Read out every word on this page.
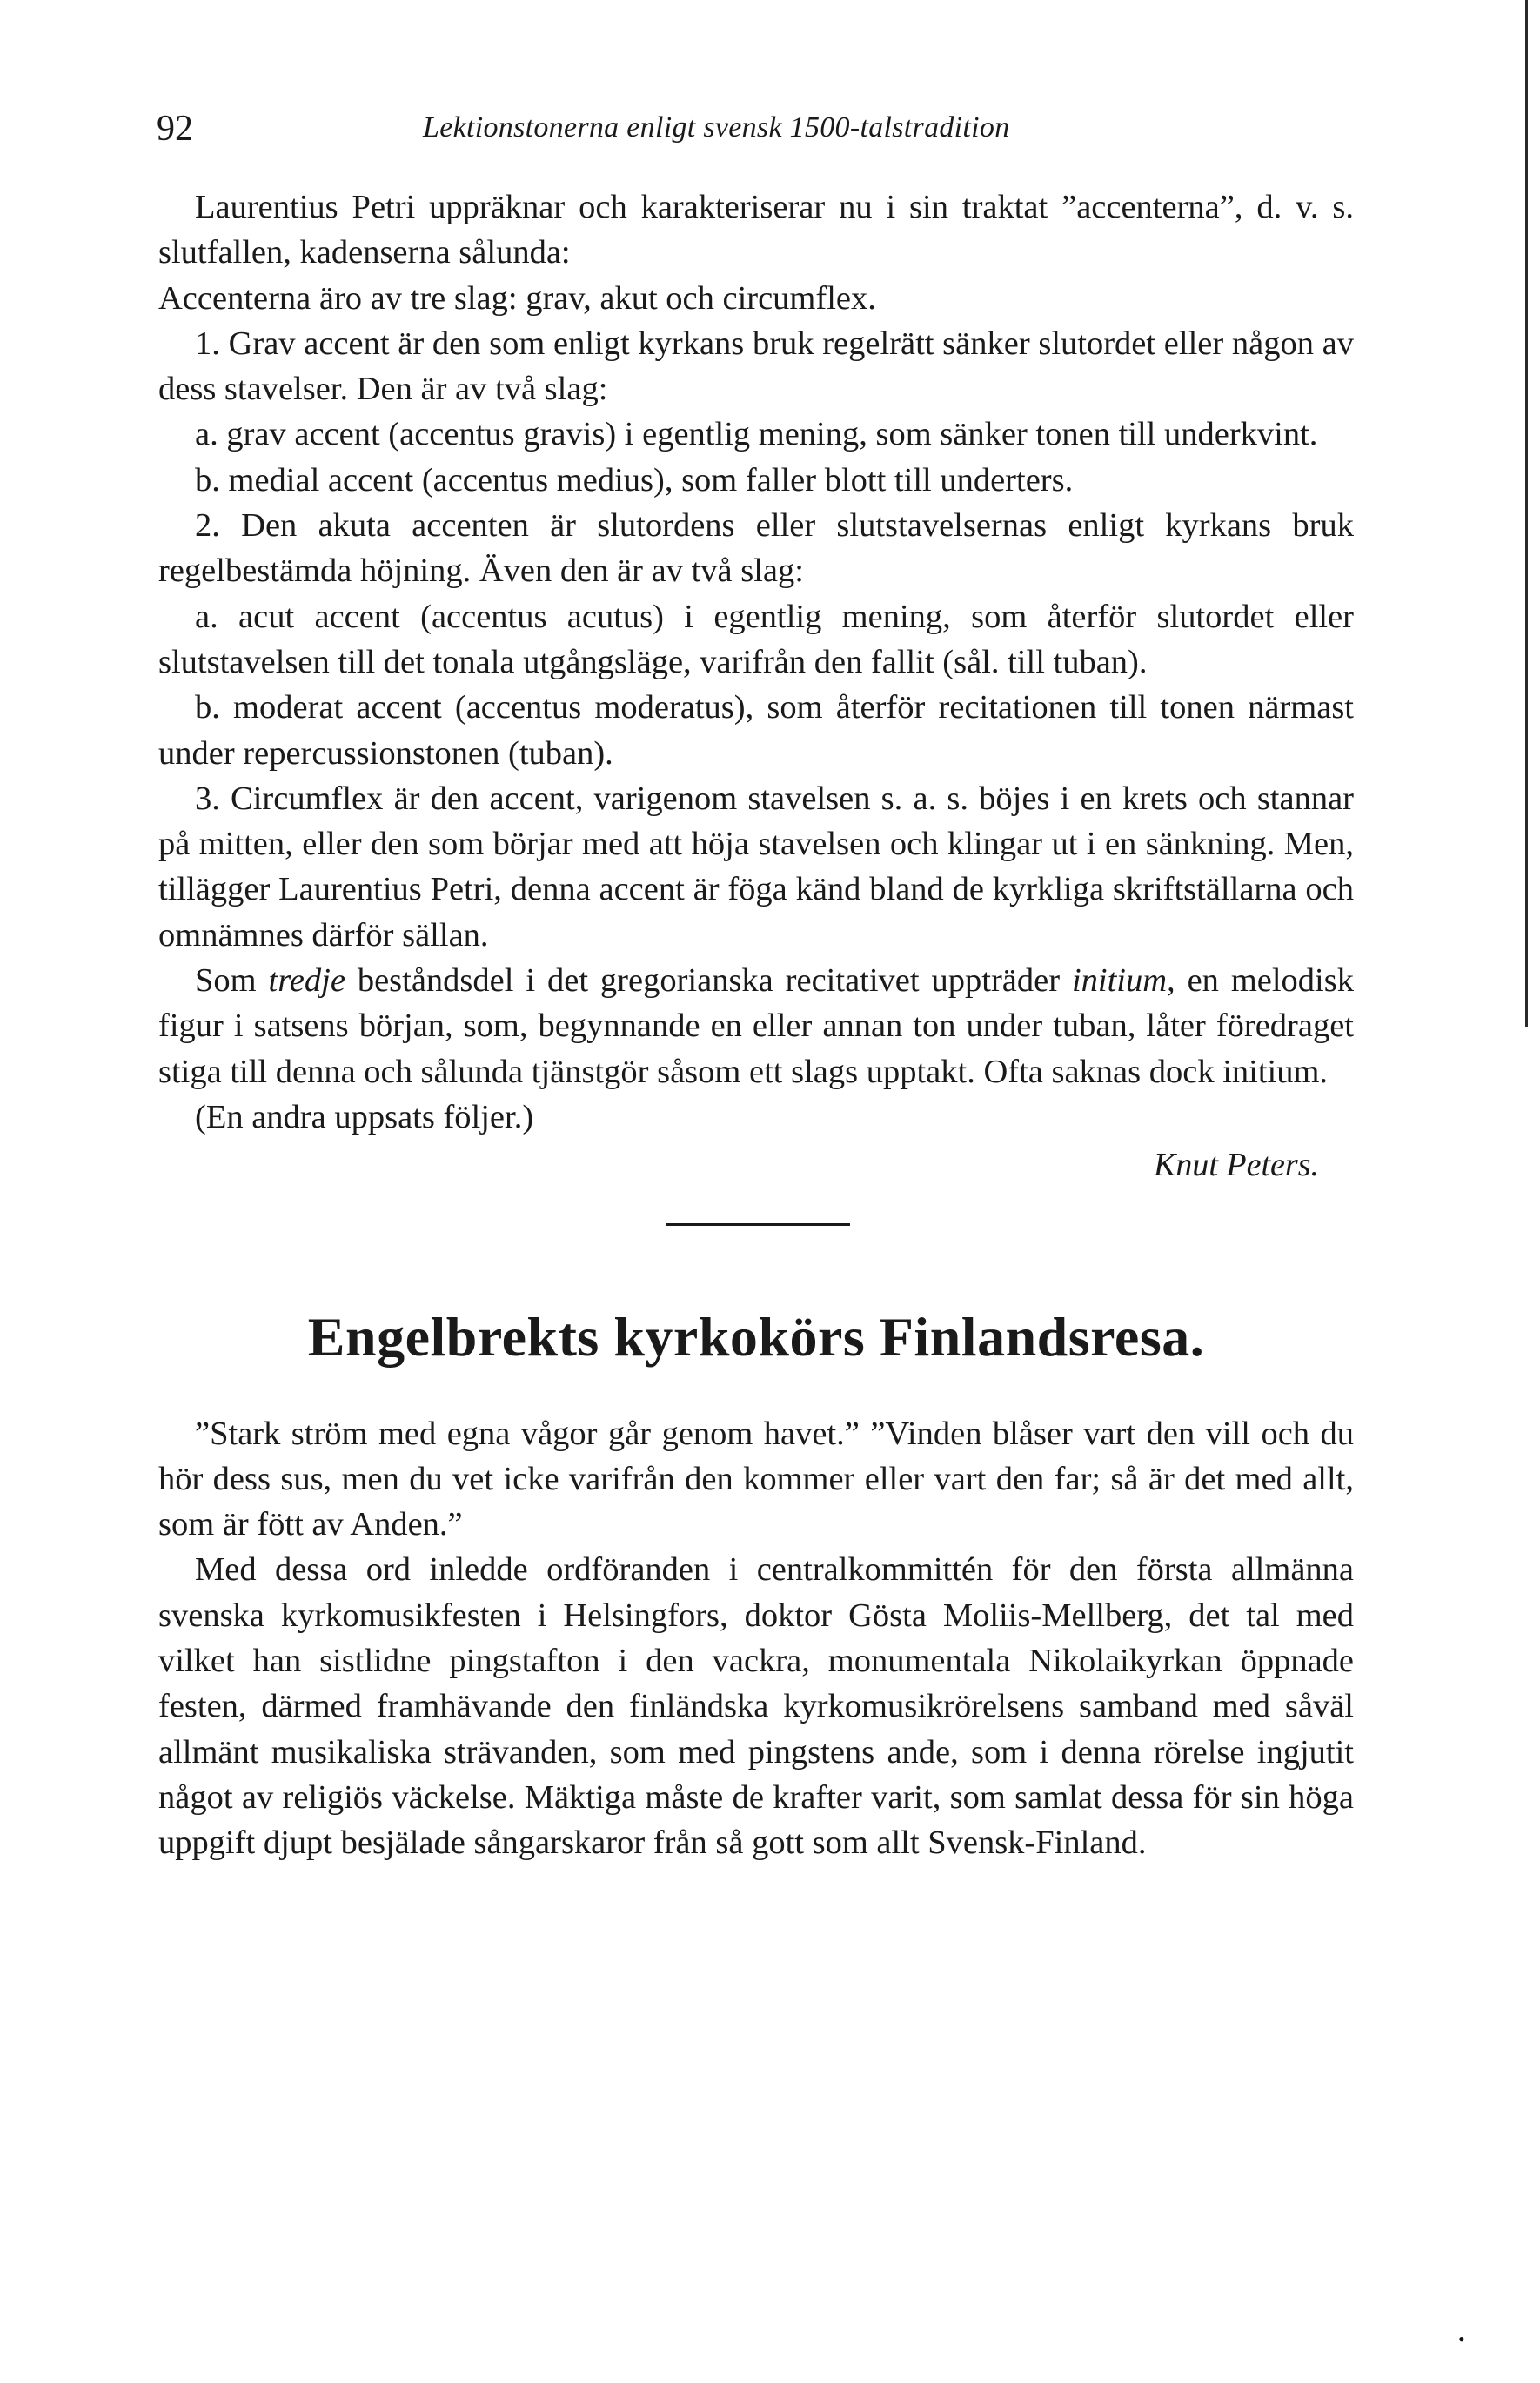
92	Lektionstonerna enligt svensk 1500-talstradition

Laurentius Petri uppräknar och karakteriserar nu i sin traktat ”accenterna”, d. v. s. slutfallen, kadenserna sålunda:

Accenterna äro av tre slag: grav, akut och circumflex.

1. Grav accent är den som enligt kyrkans bruk regelrätt sänker slutordet eller någon av dess stavelser. Den är av två slag:

a. grav accent (accentus gravis) i egentlig mening, som sänker tonen till underkvint.

b. medial accent (accentus medius), som faller blott till underters.

2. Den akuta accenten är slutordens eller slutstavelsernas enligt kyrkans bruk regelbestämda höjning. Även den är av två slag:

a. acut accent (accentus acutus) i egentlig mening, som återför slutordet eller slutstavelsen till det tonala utgångsläge, varifrån den fallit (sål. till tuban).

b. moderat accent (accentus moderatus), som återför recitationen till tonen närmast under repercussionstonen (tuban).

3. Circumflex är den accent, varigenom stavelsen s. a. s. böjes i en krets och stannar på mitten, eller den som börjar med att höja stavelsen och klingar ut i en sänkning. Men, tillägger Laurentius Petri, denna accent är föga känd bland de kyrkliga skriftställarna och omnämnes därför sällan.

Som tredje beståndsdel i det gregorianska recitativet uppträder initium, en melodisk figur i satsens början, som, begynnande en eller annan ton under tuban, låter föredraget stiga till denna och sålunda tjänstgör såsom ett slags upptakt. Ofta saknas dock initium.

(En andra uppsats följer.)

Knut Peters.

Engelbrekts kyrkokörs Finlandsresa.

”Stark ström med egna vågor går genom havet.” ”Vinden blåser vart den vill och du hör dess sus, men du vet icke varifrån den kommer eller vart den far; så är det med allt, som är fött av Anden.”

Med dessa ord inledde ordföranden i centralkommittén för den första allmänna svenska kyrkomusikfesten i Helsingfors, doktor Gösta Moliis-Mellberg, det tal med vilket han sistlidne pingstafton i den vackra, monumentala Nikolaikyrkan öppnade festen, därmed framhävande den finländska kyrkomusikrörelsens samband med såväl allmänt musikaliska strävanden, som med pingstens ande, som i denna rörelse ingjutit något av religiös väckelse. Mäktiga måste de krafter varit, som samlat dessa för sin höga uppgift djupt besjälade sångarskaror från så gott som allt Svensk-Finland.

•
